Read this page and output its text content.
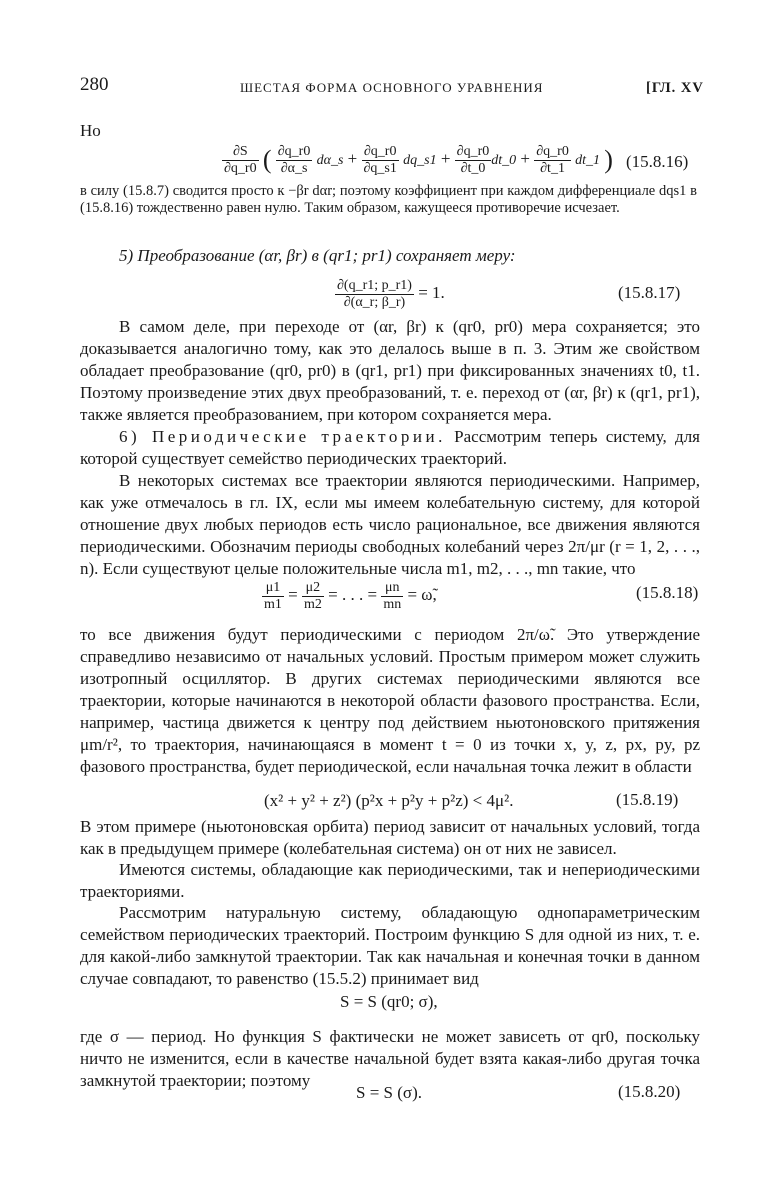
280	ШЕСТАЯ ФОРМА ОСНОВНОГО УРАВНЕНИЯ	[ГЛ. XV
Но
$\frac{\partial S}{\partial q\_r0}$ ( $\frac{\partial q\_r0}{\partial\alpha\_s}$ dα_s + $\frac{\partial q\_r0}{\partial q\_s1}$ dq_s1 + $\frac{\partial q\_r0}{\partial t\_0}$ dt_0 + $\frac{\partial q\_r0}{\partial t\_1}$ dt_1 ) (15.8.16)
в силу (15.8.7) сводится просто к −βr dαr; поэтому коэффициент при каждом дифференциале dqs1 в (15.8.16) тождественно равен нулю. Таким образом, кажущееся противоречие исчезает.
5) Преобразование (αr, βr) в (qr1; pr1) сохраняет меру:
$\frac{\partial(q\_r1; p\_r1)}{\partial(\alpha\_r; \beta\_r)} = 1$.	(15.8.17)
В самом деле, при переходе от (αr, βr) к (qr0, pr0) мера сохраняется; это доказывается аналогично тому, как это делалось выше в п. 3. Этим же свойством обладает преобразование (qr0, pr0) в (qr1, pr1) при фиксированных значениях t0, t1. Поэтому произведение этих двух преобразований, т. е. переход от (αr, βr) к (qr1, pr1), также является преобразованием, при котором сохраняется мера.
6) Периодические траектории. Рассмотрим теперь систему, для которой существует семейство периодических траекторий.
В некоторых системах все траектории являются периодическими. Например, как уже отмечалось в гл. IX, если мы имеем колебательную систему, для которой отношение двух любых периодов есть число рациональное, все движения являются периодическими. Обозначим периоды свободных колебаний через 2π/μr (r = 1, 2, . . ., n). Если существуют целые положительные числа m1, m2, . . ., mn такие, что
$\frac{\mu 1}{m1} = \frac{\mu 2}{m2}$ = . . . = $\frac{\mu n}{mn}$ = ω̃,	(15.8.18)
то все движения будут периодическими с периодом 2π/ω̃. Это утверждение справедливо независимо от начальных условий. Простым примером может служить изотропный осциллятор. В других системах периодическими являются все траектории, которые начинаются в некоторой области фазового пространства. Если, например, частица движется к центру под действием ньютоновского притяжения μm/r², то траектория, начинающаяся в момент t = 0 из точки x, y, z, px, py, pz фазового пространства, будет периодической, если начальная точка лежит в области
(x² + y² + z²) (p²x + p²y + p²z) < 4μ².	(15.8.19)
В этом примере (ньютоновская орбита) период зависит от начальных условий, тогда как в предыдущем примере (колебательная система) он от них не зависел.
Имеются системы, обладающие как периодическими, так и непериодическими траекториями.
Рассмотрим натуральную систему, обладающую однопараметрическим семейством периодических траекторий. Построим функцию S для одной из них, т. е. для какой-либо замкнутой траектории. Так как начальная и конечная точки в данном случае совпадают, то равенство (15.5.2) принимает вид
S = S (qr0; σ),
где σ — период. Но функция S фактически не может зависеть от qr0, поскольку ничто не изменится, если в качестве начальной будет взята какая-либо другая точка замкнутой траектории; поэтому
S = S (σ).	(15.8.20)
